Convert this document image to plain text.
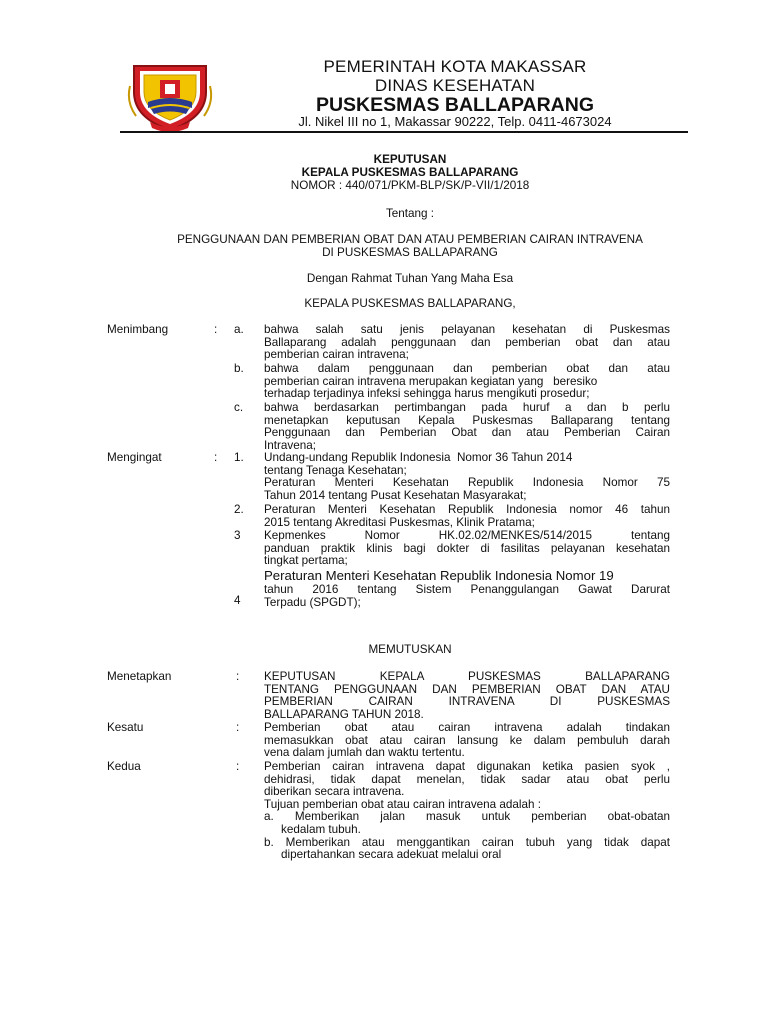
PEMERINTAH KOTA MAKASSAR
DINAS KESEHATAN
PUSKESMAS BALLAPARANG
Jl. Nikel III no 1, Makassar 90222, Telp. 0411-4673024
KEPUTUSAN
KEPALA PUSKESMAS BALLAPARANG
NOMOR : 440/071/PKM-BLP/SK/P-VII/1/2018
Tentang :
PENGGUNAAN DAN PEMBERIAN OBAT DAN ATAU PEMBERIAN CAIRAN INTRAVENA
DI PUSKESMAS BALLAPARANG
Dengan Rahmat Tuhan Yang Maha Esa
KEPALA PUSKESMAS BALLAPARANG,
Menimbang	: a. bahwa salah satu jenis pelayanan kesehatan di Puskesmas
Ballaparang adalah penggunaan dan pemberian obat dan atau
pemberian cairan intravena;
b. bahwa dalam penggunaan dan pemberian obat dan atau
pemberian cairan intravena merupakan kegiatan yang   beresiko
terhadap terjadinya infeksi sehingga harus mengikuti prosedur;
c. bahwa berdasarkan pertimbangan pada huruf a dan b perlu
menetapkan keputusan Kepala Puskesmas Ballaparang tentang
Penggunaan dan Pemberian Obat dan atau Pemberian Cairan
Intravena;
Mengingat	: 1. Undang-undang Republik Indonesia  Nomor 36 Tahun 2014
tentang Tenaga Kesehatan;
Peraturan Menteri Kesehatan Republik Indonesia Nomor 75
Tahun 2014 tentang Pusat Kesehatan Masyarakat;
2. Peraturan Menteri Kesehatan Republik Indonesia nomor 46 tahun
2015 tentang Akreditasi Puskesmas, Klinik Pratama;
3 Kepmenkes    Nomor    HK.02.02/MENKES/514/2015    tentang
panduan praktik klinis bagi dokter di fasilitas pelayanan kesehatan
tingkat pertama;
Peraturan Menteri Kesehatan Republik Indonesia Nomor 19
4
tahun 2016 tentang Sistem Penanggulangan Gawat Darurat
Terpadu (SPGDT);
MEMUTUSKAN
Menetapkan	: KEPUTUSAN    KEPALA    PUSKESMAS    BALLAPARANG
TENTANG PENGGUNAAN DAN PEMBERIAN OBAT DAN ATAU
PEMBERIAN     CAIRAN     INTRAVENA     DI     PUSKESMAS
BALLAPARANG TAHUN 2018.
Kesatu	: Pemberian obat atau cairan intravena adalah tindakan
memasukkan obat atau cairan lansung ke dalam pembuluh darah
vena dalam jumlah dan waktu tertentu.
Kedua	: Pemberian cairan intravena dapat digunakan ketika pasien syok ,
dehidrasi, tidak dapat menelan, tidak sadar atau obat perlu
diberikan secara intravena.
Tujuan pemberian obat atau cairan intravena adalah :
a. Memberikan jalan masuk untuk pemberian obat-obatan
kedalam tubuh.
b. Memberikan atau menggantikan cairan tubuh yang tidak dapat
dipertahankan secara adekuat melalui oral
